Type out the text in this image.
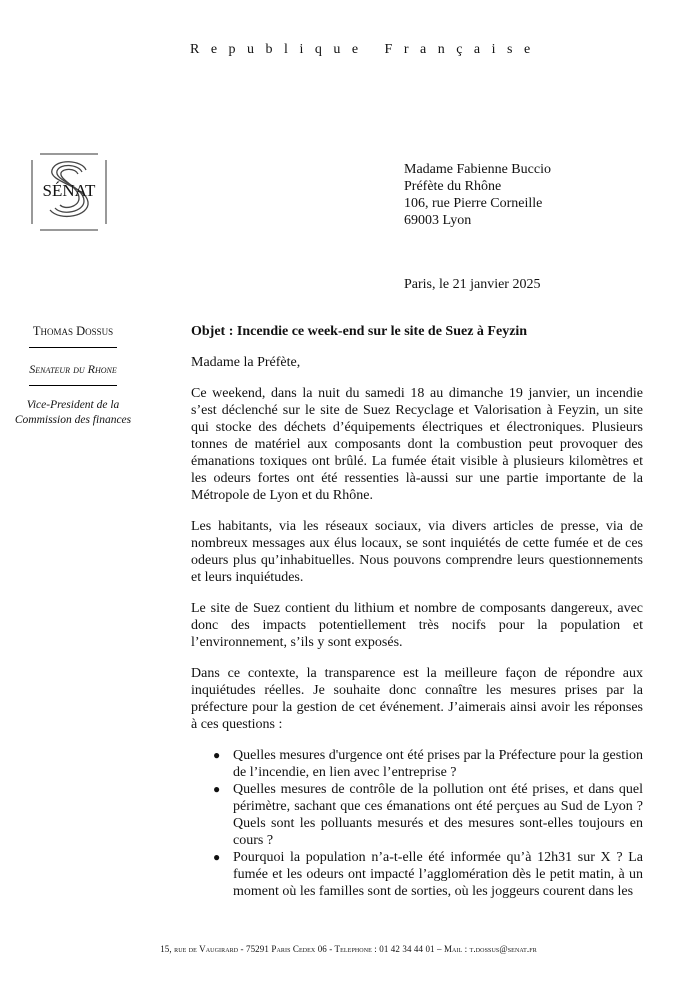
Republique Française
SÉNAT
Madame Fabienne Buccio
Préfète du Rhône
106, rue Pierre Corneille
69003 Lyon
Paris, le 21 janvier 2025
Thomas Dossus
Senateur du Rhone
Vice-President de la Commission des finances

Objet : Incendie ce week-end sur le site de Suez à Feyzin

Madame la Préfète,

Ce weekend, dans la nuit du samedi 18 au dimanche 19 janvier, un incendie s’est déclenché sur le site de Suez Recyclage et Valorisation à Feyzin, un site qui stocke des déchets d’équipements électriques et électroniques. Plusieurs tonnes de matériel aux composants dont la combustion peut provoquer des émanations toxiques ont brûlé. La fumée était visible à plusieurs kilomètres et les odeurs fortes ont été ressenties là-aussi sur une partie importante de la Métropole de Lyon et du Rhône.

Les habitants, via les réseaux sociaux, via divers articles de presse, via de nombreux messages aux élus locaux, se sont inquiétés de cette fumée et de ces odeurs plus qu’inhabituelles. Nous pouvons comprendre leurs questionnements et leurs inquiétudes.

Le site de Suez contient du lithium et nombre de composants dangereux, avec donc des impacts potentiellement très nocifs pour la population et l’environnement, s’ils y sont exposés.

Dans ce contexte, la transparence est la meilleure façon de répondre aux inquiétudes réelles. Je souhaite donc connaître les mesures prises par la préfecture pour la gestion de cet événement. J’aimerais ainsi avoir les réponses à ces questions :

● Quelles mesures d'urgence ont été prises par la Préfecture pour la gestion de l’incendie, en lien avec l’entreprise ?
● Quelles mesures de contrôle de la pollution ont été prises, et dans quel périmètre, sachant que ces émanations ont été perçues au Sud de Lyon ? Quels sont les polluants mesurés et des mesures sont-elles toujours en cours ?
● Pourquoi la population n’a-t-elle été informée qu’à 12h31 sur X ? La fumée et les odeurs ont impacté l’agglomération dès le petit matin, à un moment où les familles sont de sorties, où les joggeurs courent dans les
15, rue de Vaugirard - 75291 Paris Cedex 06 - Telephone : 01 42 34 44 01 – Mail : t.dossus@senat.fr
